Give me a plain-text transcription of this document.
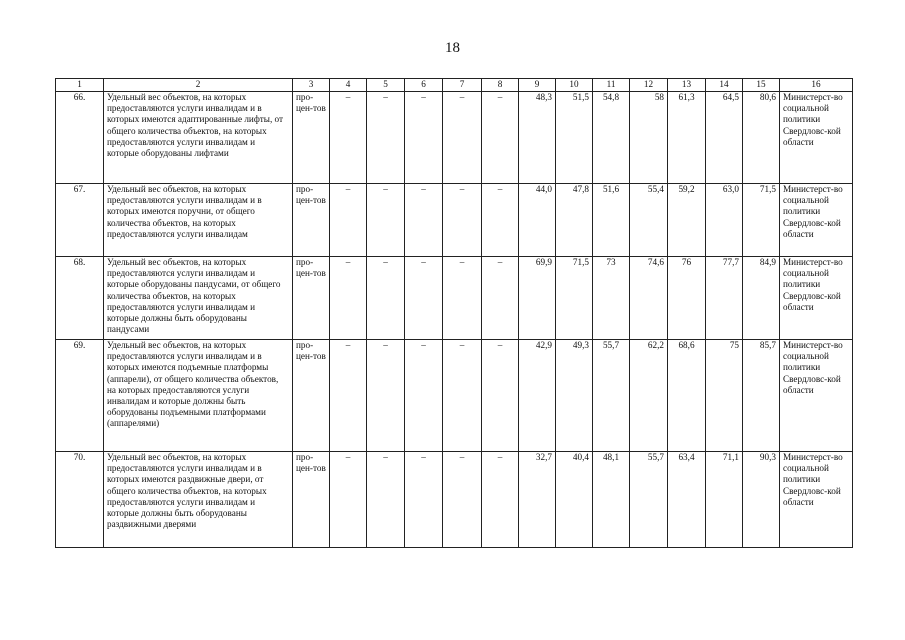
18
1	2	3	4	5	6	7	8	9	10	11	12	13	14	15	16
66.	Удельный вес объектов, на которых предоставляются услуги инвалидам и в которых имеются адаптированные лифты, от общего количества объектов, на которых предоставляются услуги инвалидам и которые оборудованы лифтами	про-цен-тов	–	–	–	–	–	48,3	51,5	54,8	58	61,3	64,5	80,6	Министерст-во социальной политики Свердловс-кой области
67.	Удельный вес объектов, на которых предоставляются услуги инвалидам и в которых имеются поручни, от общего количества объектов, на которых предоставляются услуги инвалидам	про-цен-тов	–	–	–	–	–	44,0	47,8	51,6	55,4	59,2	63,0	71,5	Министерст-во социальной политики Свердловс-кой области
68.	Удельный вес объектов, на которых предоставляются услуги инвалидам и которые оборудованы пандусами, от общего количества объектов, на которых предоставляются услуги инвалидам и которые должны быть оборудованы пандусами	про-цен-тов	–	–	–	–	–	69,9	71,5	73	74,6	76	77,7	84,9	Министерст-во социальной политики Свердловс-кой области
69.	Удельный вес объектов, на которых предоставляются услуги инвалидам и в которых имеются подъемные платформы (аппарели), от общего количества объектов, на которых предоставляются услуги инвалидам и которые должны быть оборудованы подъемными платформами (аппарелями)	про-цен-тов	–	–	–	–	–	42,9	49,3	55,7	62,2	68,6	75	85,7	Министерст-во социальной политики Свердловс-кой области
70.	Удельный вес объектов, на которых предоставляются услуги инвалидам и в которых имеются раздвижные двери, от общего количества объектов, на которых предоставляются услуги инвалидам и которые должны быть оборудованы раздвижными дверями	про-цен-тов	–	–	–	–	–	32,7	40,4	48,1	55,7	63,4	71,1	90,3	Министерст-во социальной политики Свердловс-кой области
